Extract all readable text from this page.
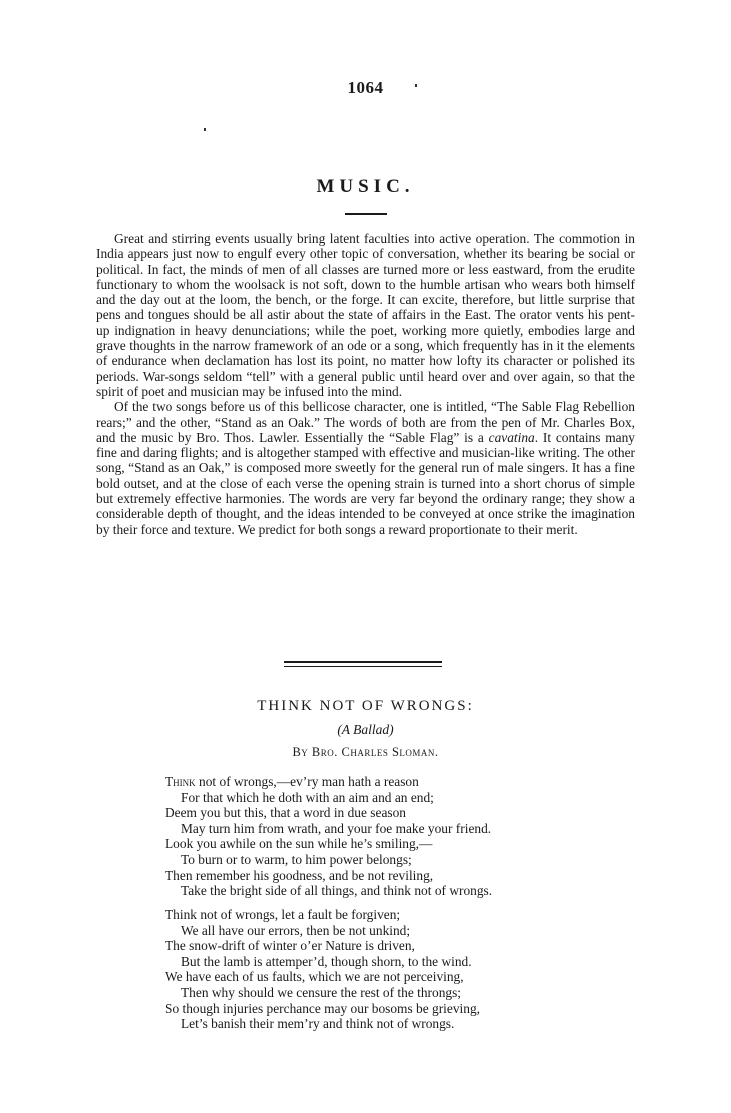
1064
MUSIC.

Great and stirring events usually bring latent faculties into active operation. The commotion in India appears just now to engulf every other topic of conversation, whether its bearing be social or political. In fact, the minds of men of all classes are turned more or less eastward, from the erudite functionary to whom the woolsack is not soft, down to the humble artisan who wears both himself and the day out at the loom, the bench, or the forge. It can excite, therefore, but little surprise that pens and tongues should be all astir about the state of affairs in the East. The orator vents his pent-up indignation in heavy denunciations; while the poet, working more quietly, embodies large and grave thoughts in the narrow framework of an ode or a song, which frequently has in it the elements of endurance when declamation has lost its point, no matter how lofty its character or polished its periods. War-songs seldom “tell” with a general public until heard over and over again, so that the spirit of poet and musician may be infused into the mind.

Of the two songs before us of this bellicose character, one is intitled, “The Sable Flag Rebellion rears;” and the other, “Stand as an Oak.” The words of both are from the pen of Mr. Charles Box, and the music by Bro. Thos. Lawler. Essentially the “Sable Flag” is a cavatina. It contains many fine and daring flights; and is altogether stamped with effective and musician-like writing. The other song, “Stand as an Oak,” is composed more sweetly for the general run of male singers. It has a fine bold outset, and at the close of each verse the opening strain is turned into a short chorus of simple but extremely effective harmonies. The words are very far beyond the ordinary range; they show a considerable depth of thought, and the ideas intended to be conveyed at once strike the imagination by their force and texture. We predict for both songs a reward proportionate to their merit.

THINK NOT OF WRONGS:
(A Ballad)
By Bro. Charles Sloman.
Think not of wrongs,—ev’ry man hath a reason
For that which he doth with an aim and an end;
Deem you but this, that a word in due season
May turn him from wrath, and your foe make your friend.
Look you awhile on the sun while he’s smiling,—
To burn or to warm, to him power belongs;
Then remember his goodness, and be not reviling,
Take the bright side of all things, and think not of wrongs.
Think not of wrongs, let a fault be forgiven;
We all have our errors, then be not unkind;
The snow-drift of winter o’er Nature is driven,
But the lamb is attemper’d, though shorn, to the wind.
We have each of us faults, which we are not perceiving,
Then why should we censure the rest of the throngs;
So though injuries perchance may our bosoms be grieving,
Let’s banish their mem’ry and think not of wrongs.
